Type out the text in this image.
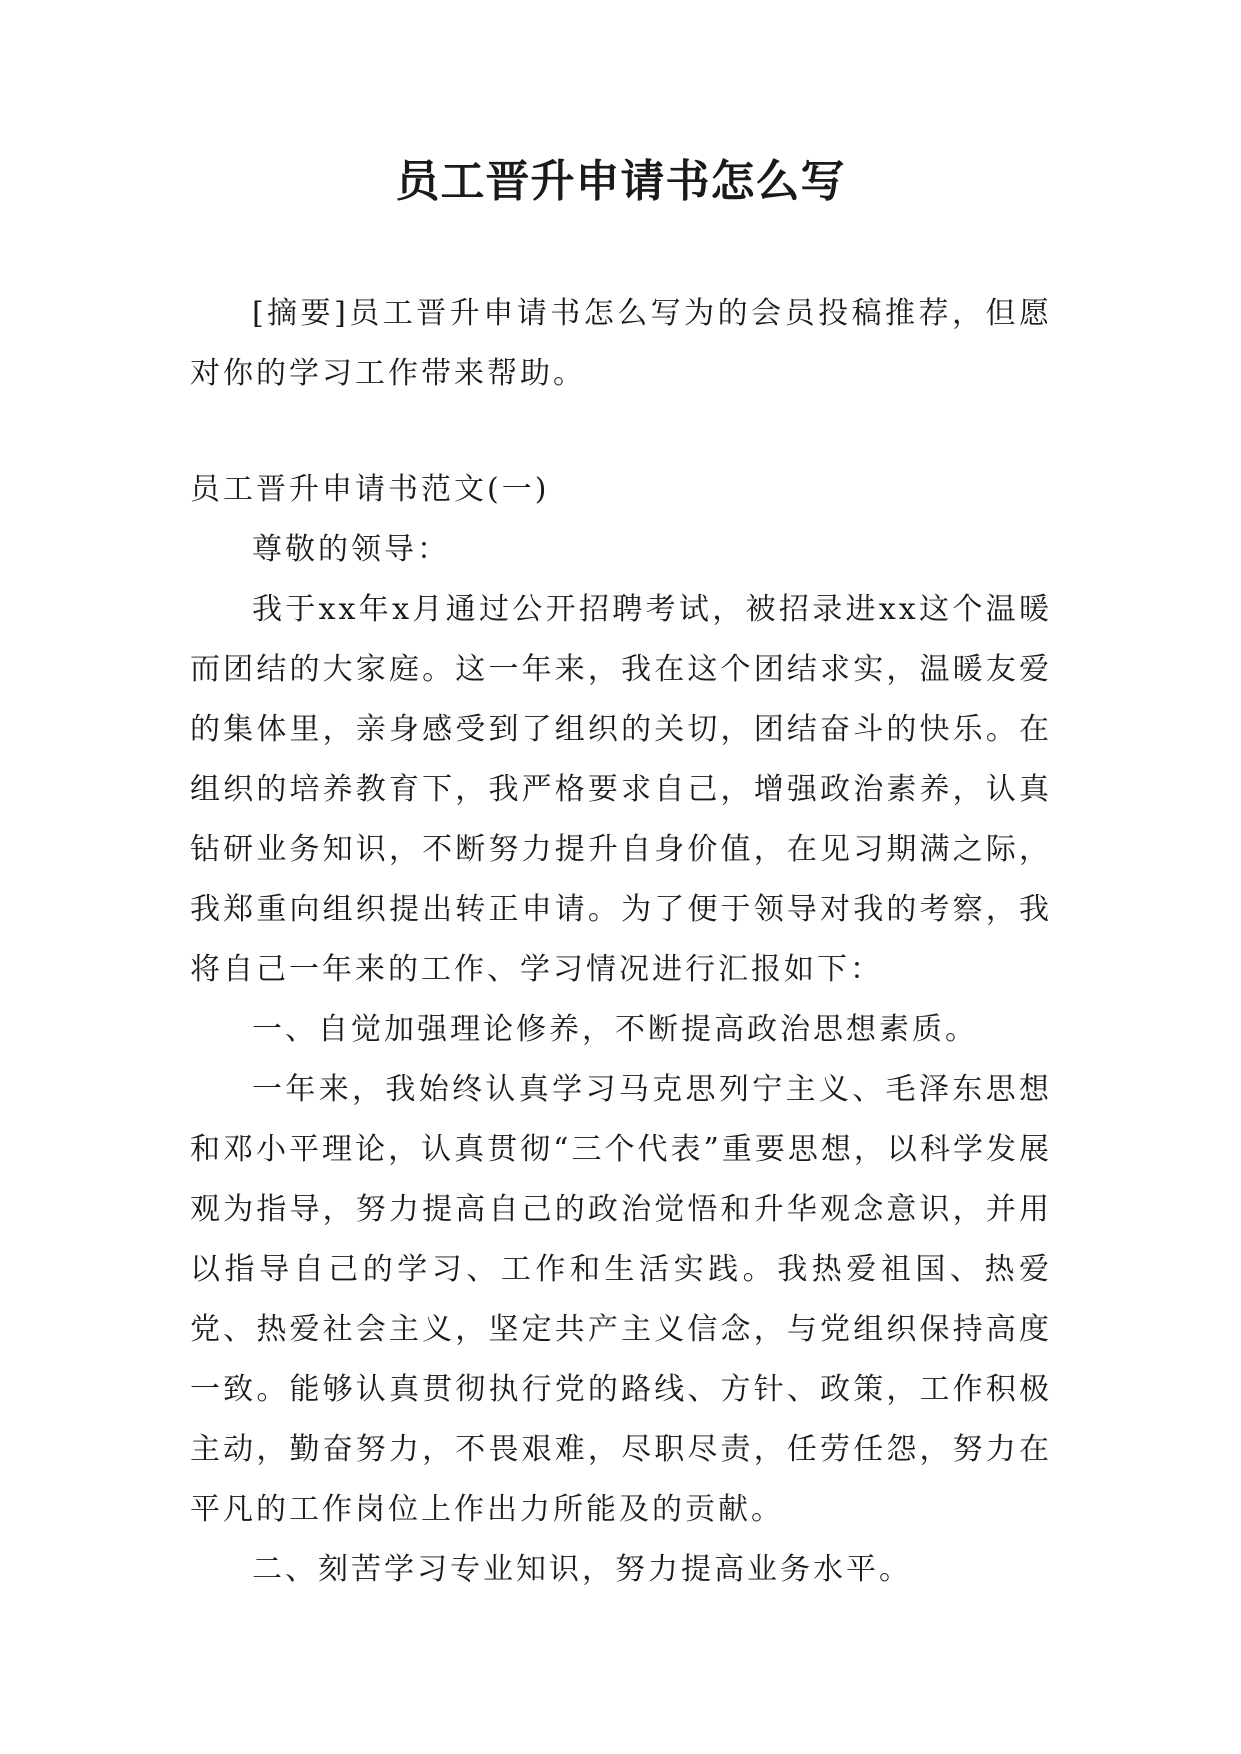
员工晋升申请书怎么写

[摘要]员工晋升申请书怎么写为的会员投稿推荐，但愿对你的学习工作带来帮助。

员工晋升申请书范文(一)

尊敬的领导：

我于xx年x月通过公开招聘考试，被招录进xx这个温暖而团结的大家庭。这一年来，我在这个团结求实，温暖友爱的集体里，亲身感受到了组织的关切，团结奋斗的快乐。在组织的培养教育下，我严格要求自己，增强政治素养，认真钻研业务知识，不断努力提升自身价值，在见习期满之际，我郑重向组织提出转正申请。为了便于领导对我的考察，我将自己一年来的工作、学习情况进行汇报如下：

一、自觉加强理论修养，不断提高政治思想素质。

一年来，我始终认真学习马克思列宁主义、毛泽东思想和邓小平理论，认真贯彻“三个代表”重要思想，以科学发展观为指导，努力提高自己的政治觉悟和升华观念意识，并用以指导自己的学习、工作和生活实践。我热爱祖国、热爱党、热爱社会主义，坚定共产主义信念，与党组织保持高度一致。能够认真贯彻执行党的路线、方针、政策，工作积极主动，勤奋努力，不畏艰难，尽职尽责，任劳任怨，努力在平凡的工作岗位上作出力所能及的贡献。

二、刻苦学习专业知识，努力提高业务水平。
